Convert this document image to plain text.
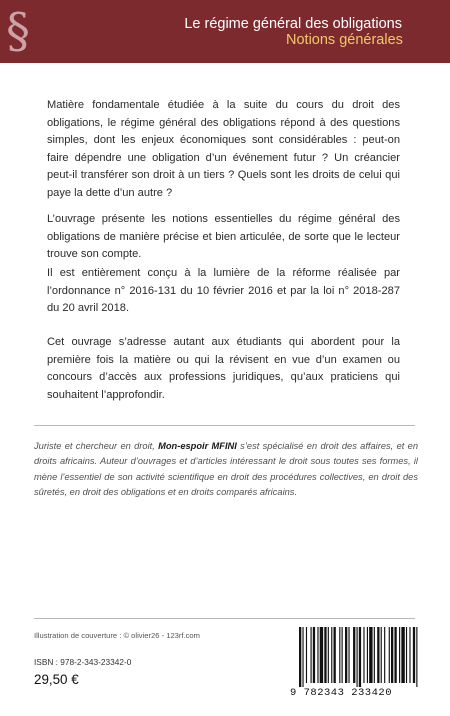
§	Le régime général des obligations
Notions générales
Matière fondamentale étudiée à la suite du cours du droit des obligations, le régime général des obligations répond à des questions simples, dont les enjeux économiques sont considérables : peut-on faire dépendre une obligation d’un événement futur ? Un créancier peut-il transférer son droit à un tiers ? Quels sont les droits de celui qui paye la dette d’un autre ?
L’ouvrage présente les notions essentielles du régime général des obligations de manière précise et bien articulée, de sorte que le lecteur trouve son compte.
Il est entièrement conçu à la lumière de la réforme réalisée par l’ordonnance n° 2016-131 du 10 février 2016 et par la loi n° 2018-287 du 20 avril 2018.
Cet ouvrage s’adresse autant aux étudiants qui abordent pour la première fois la matière ou qui la révisent en vue d’un examen ou concours d’accès aux professions juridiques, qu’aux praticiens qui souhaitent l’approfondir.
Juriste et chercheur en droit, Mon-espoir MFINI s’est spécialisé en droit des affaires, et en droits africains. Auteur d’ouvrages et d’articles intéressant le droit sous toutes ses formes, il mène l’essentiel de son activité scientifique en droit des procédures collectives, en droit des sûretés, en droit des obligations et en droits comparés africains.
Illustration de couverture : © olivier26 - 123rf.com
ISBN : 978-2-343-23342-0
29,50 €
9 782343 233420
